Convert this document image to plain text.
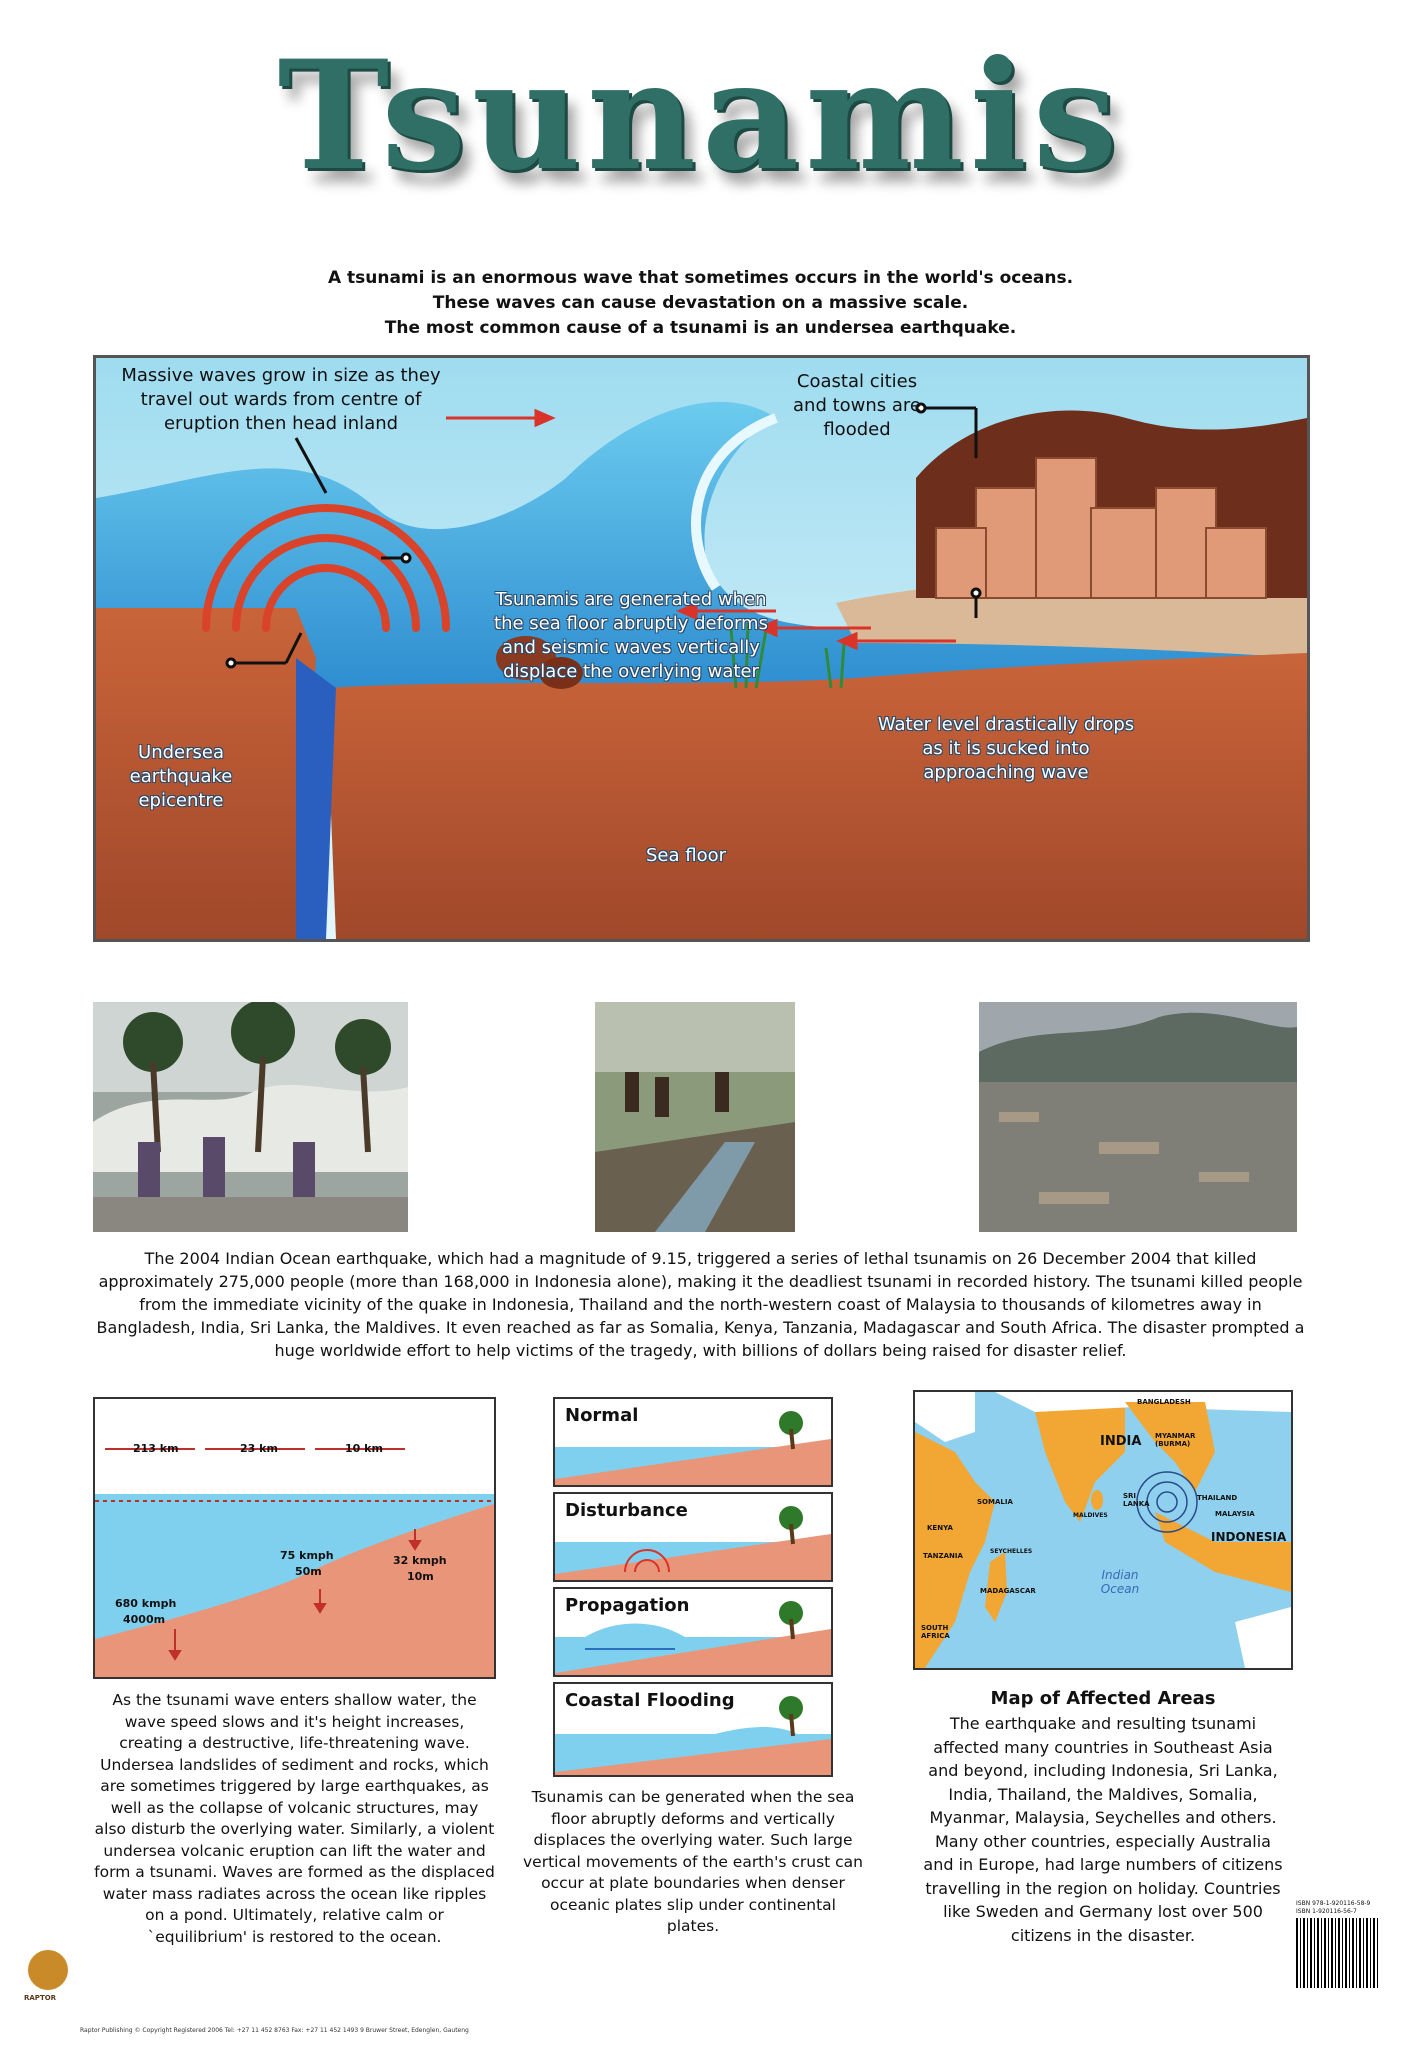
Tsunamis
A tsunami is an enormous wave that sometimes occurs in the world's oceans.
These waves can cause devastation on a massive scale.
The most common cause of a tsunami is an undersea earthquake.
Massive waves grow in size as they travel out wards from centre of eruption then head inland
Coastal cities and towns are flooded
Tsunamis are generated when the sea floor abruptly deforms and seismic waves vertically displace the overlying water
Undersea earthquake epicentre
Water level drastically drops as it is sucked into approaching wave
Sea floor
The 2004 Indian Ocean earthquake, which had a magnitude of 9.15, triggered a series of lethal tsunamis on 26 December 2004 that killed approximately 275,000 people (more than 168,000 in Indonesia alone), making it the deadliest tsunami in recorded history. The tsunami killed people from the immediate vicinity of the quake in Indonesia, Thailand and the north-western coast of Malaysia to thousands of kilometres away in Bangladesh, India, Sri Lanka, the Maldives. It even reached as far as Somalia, Kenya, Tanzania, Madagascar and South Africa. The disaster prompted a huge worldwide effort to help victims of the tragedy, with billions of dollars being raised for disaster relief.
213 km	23 km	10 km
680 kmph
4000m
75 kmph
50m
32 kmph
10m
As the tsunami wave enters shallow water, the wave speed slows and it's height increases, creating a destructive, life-threatening wave. Undersea landslides of sediment and rocks, which are sometimes triggered by large earthquakes, as well as the collapse of volcanic structures, may also disturb the overlying water. Similarly, a violent undersea volcanic eruption can lift the water and form a tsunami. Waves are formed as the displaced water mass radiates across the ocean like ripples on a pond. Ultimately, relative calm or `equilibrium' is restored to the ocean.
Normal
Disturbance
Propagation
Coastal Flooding
Tsunamis can be generated when the sea floor abruptly deforms and vertically displaces the overlying water. Such large vertical movements of the earth's crust can occur at plate boundaries when denser oceanic plates slip under continental plates.
BANGLADESH
INDIA MYANMAR (BURMA)
SRI LANKA
MALDIVES
THAILAND
MALAYSIA
INDONESIA
SOMALIA
KENYA
TANZANIA
SEYCHELLES
MADAGASCAR
SOUTH AFRICA
Indian Ocean
Map of Affected Areas
The earthquake and resulting tsunami affected many countries in Southeast Asia and beyond, including Indonesia, Sri Lanka, India, Thailand, the Maldives, Somalia, Myanmar, Malaysia, Seychelles and others. Many other countries, especially Australia and in Europe, had large numbers of citizens travelling in the region on holiday. Countries like Sweden and Germany lost over 500 citizens in the disaster.
ISBN 978-1-920116-58-9
ISBN 1-920116-56-7
RAPTOR
Raptor Publishing © Copyright Registered 2006 Tel: +27 11 452 8763 Fax: +27 11 452 1493 9 Bruwer Street, Edenglen, Gauteng
